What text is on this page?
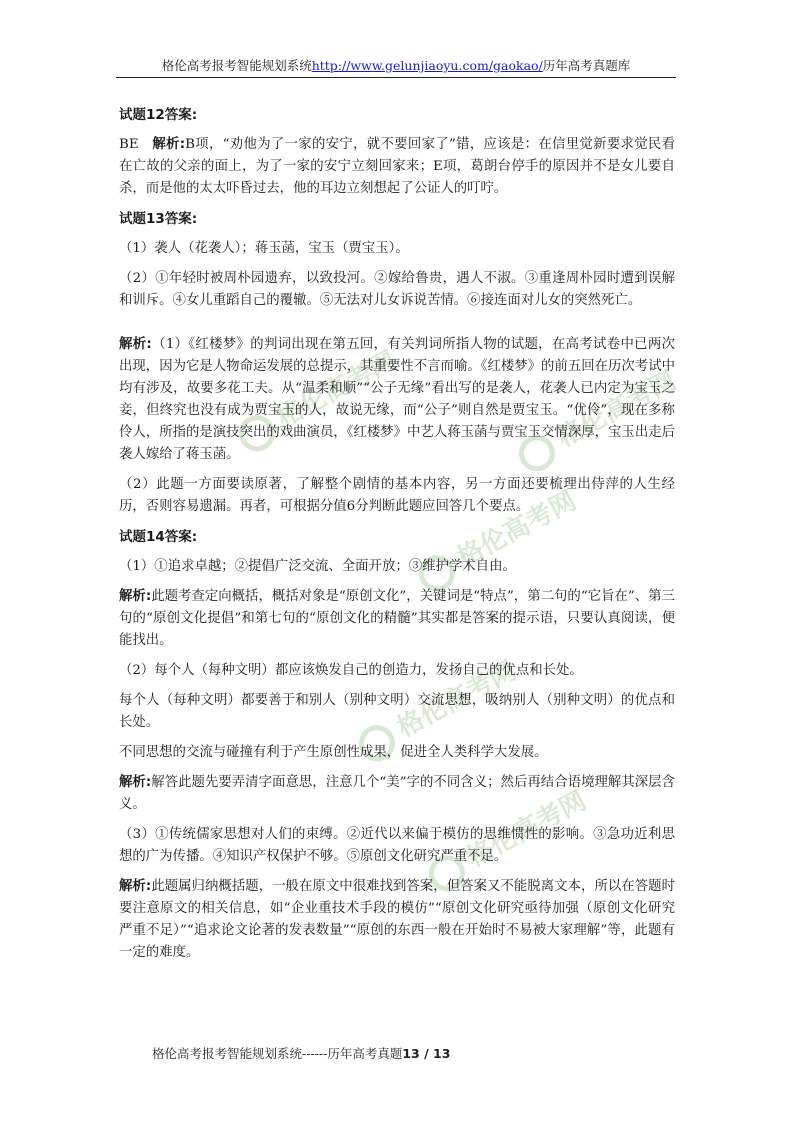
格伦高考报考智能规划系统http://www.gelunjiaoyu.com/gaokao/历年高考真题库
格伦高考网	格伦高考网
格伦高考网
格伦高考网
格伦高考网

试题12答案:

BE 解析:B项，“劝他为了一家的安宁，就不要回家了”错，应该是：在信里觉新要求觉民看在亡故的父亲的面上，为了一家的安宁立刻回家来；E项，葛朗台停手的原因并不是女儿要自杀，而是他的太太吓昏过去，他的耳边立刻想起了公证人的叮咛。

试题13答案:

（1）袭人（花袭人）；蒋玉菡，宝玉（贾宝玉）。

（2）①年轻时被周朴园遗弃，以致投河。②嫁给鲁贵，遇人不淑。③重逢周朴园时遭到误解和训斥。④女儿重蹈自己的覆辙。⑤无法对儿女诉说苦情。⑥接连面对儿女的突然死亡。

解析:（1）《红楼梦》的判词出现在第五回，有关判词所指人物的试题，在高考试卷中已两次出现，因为它是人物命运发展的总提示，其重要性不言而喻。《红楼梦》的前五回在历次考试中均有涉及，故要多花工夫。从“温柔和顺”“公子无缘”看出写的是袭人，花袭人已内定为宝玉之妾，但终究也没有成为贾宝玉的人，故说无缘，而“公子”则自然是贾宝玉。“优伶”，现在多称伶人，所指的是演技突出的戏曲演员，《红楼梦》中艺人蒋玉菡与贾宝玉交情深厚，宝玉出走后袭人嫁给了蒋玉菡。

（2）此题一方面要读原著，了解整个剧情的基本内容，另一方面还要梳理出侍萍的人生经历，否则容易遗漏。再者，可根据分值6分判断此题应回答几个要点。

试题14答案:

（1）①追求卓越；②提倡广泛交流、全面开放；③维护学术自由。

解析:此题考查定向概括，概括对象是“原创文化”，关键词是“特点”，第二句的“它旨在”、第三句的“原创文化提倡”和第七句的“原创文化的精髓”其实都是答案的提示语，只要认真阅读，便能找出。

（2）每个人（每种文明）都应该焕发自己的创造力，发扬自己的优点和长处。

每个人（每种文明）都要善于和别人（别种文明）交流思想，吸纳别人（别种文明）的优点和长处。

不同思想的交流与碰撞有利于产生原创性成果，促进全人类科学大发展。

解析:解答此题先要弄清字面意思，注意几个“美”字的不同含义；然后再结合语境理解其深层含义。

（3）①传统儒家思想对人们的束缚。②近代以来偏于模仿的思维惯性的影响。③急功近利思想的广为传播。④知识产权保护不够。⑤原创文化研究严重不足。

解析:此题属归纳概括题，一般在原文中很难找到答案，但答案又不能脱离文本，所以在答题时要注意原文的相关信息，如“企业重技术手段的模仿”“原创文化研究亟待加强（原创文化研究严重不足）”“追求论文论著的发表数量”“原创的东西一般在开始时不易被大家理解”等，此题有一定的难度。

格伦高考报考智能规划系统------历年高考真题13 / 13
